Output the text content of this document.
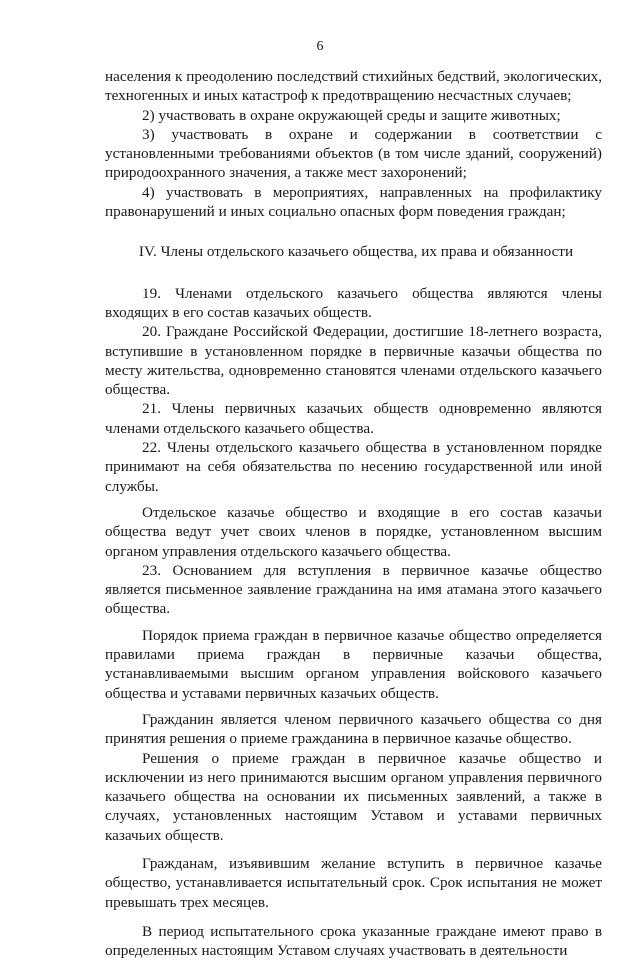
6

населения к преодолению последствий стихийных бедствий, экологических, техногенных и иных катастроф к предотвращению несчастных случаев;

2) участвовать в охране окружающей среды и защите животных;

3) участвовать в охране и содержании в соответствии с установленными требованиями объектов (в том числе зданий, сооружений) природоохранного значения, а также мест захоронений;

4) участвовать в мероприятиях, направленных на профилактику правонарушений и иных социально опасных форм поведения граждан;

IV. Члены отдельского казачьего общества, их права и обязанности

19. Членами отдельского казачьего общества являются члены входящих в его состав казачьих обществ.

20. Граждане Российской Федерации, достигшие 18-летнего возраста, вступившие в установленном порядке в первичные казачьи общества по месту жительства, одновременно становятся членами отдельского казачьего общества.

21. Члены первичных казачьих обществ одновременно являются членами отдельского казачьего общества.

22. Члены отдельского казачьего общества в установленном порядке принимают на себя обязательства по несению государственной или иной службы.

Отдельское казачье общество и входящие в его состав казачьи общества ведут учет своих членов в порядке, установленном высшим органом управления отдельского казачьего общества.

23. Основанием для вступления в первичное казачье общество является письменное заявление гражданина на имя атамана этого казачьего общества.

Порядок приема граждан в первичное казачье общество определяется правилами приема граждан в первичные казачьи общества, устанавливаемыми высшим органом управления войскового казачьего общества и уставами первичных казачьих обществ.

Гражданин является членом первичного казачьего общества со дня принятия решения о приеме гражданина в первичное казачье общество.

Решения о приеме граждан в первичное казачье общество и исключении из него принимаются высшим органом управления первичного казачьего общества на основании их письменных заявлений, а также в случаях, установленных настоящим Уставом и уставами первичных казачьих обществ.

Гражданам, изъявившим желание вступить в первичное казачье общество, устанавливается испытательный срок. Срок испытания не может превышать трех месяцев.

В период испытательного срока указанные граждане имеют право в определенных настоящим Уставом случаях участвовать в деятельности
